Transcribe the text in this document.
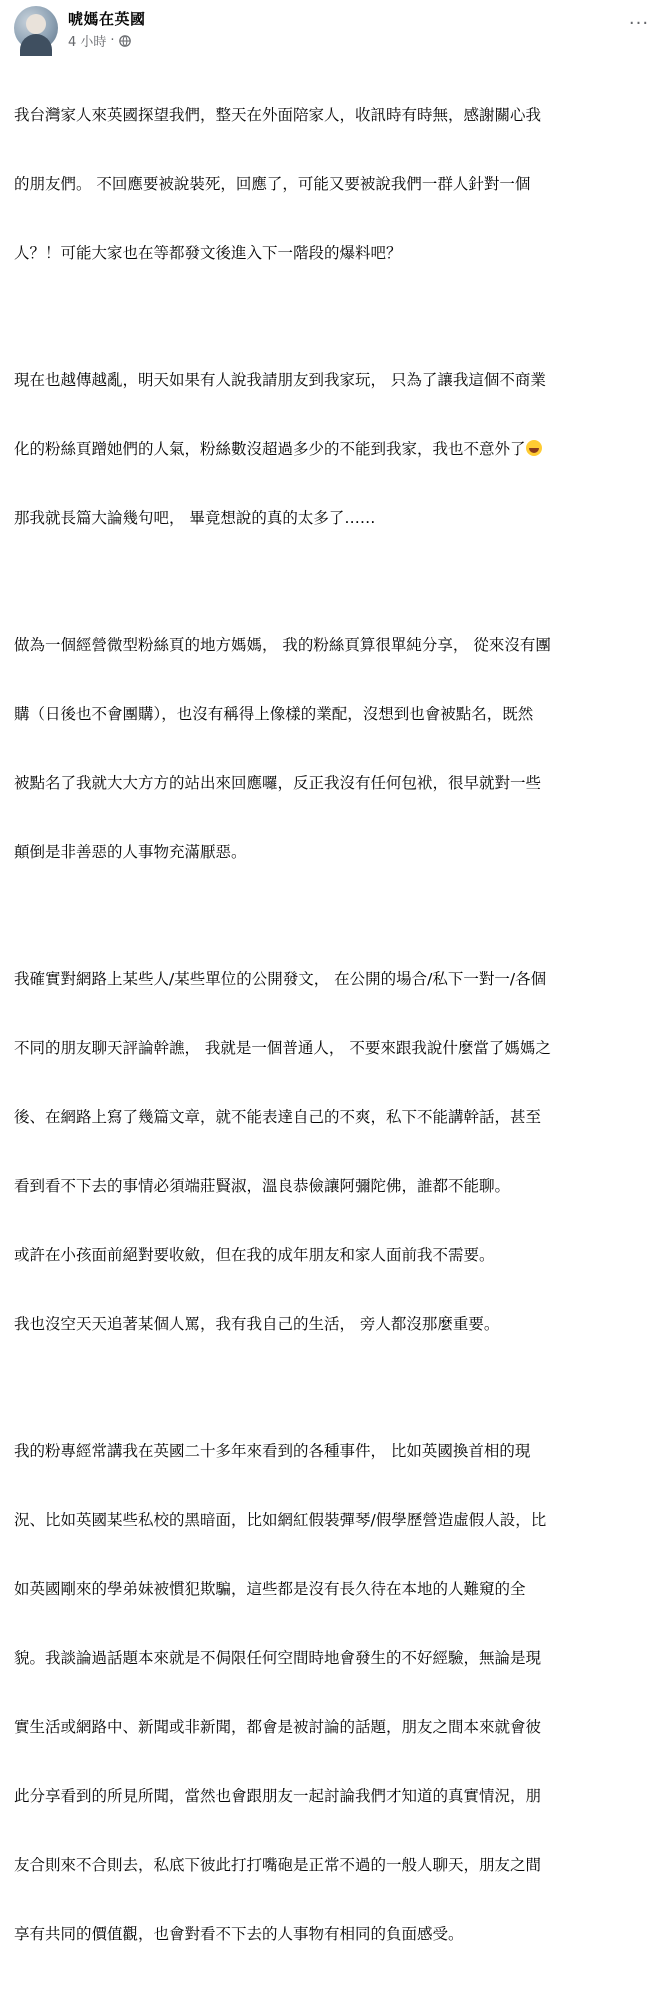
唬媽在英國
4 小時 ·
···

我台灣家人來英國探望我們，整天在外面陪家人，收訊時有時無，感謝關心我

的朋友們。 不回應要被說裝死，回應了，可能又要被說我們一群人針對一個

人？！可能大家也在等都發文後進入下一階段的爆料吧？

現在也越傳越亂，明天如果有人說我請朋友到我家玩， 只為了讓我這個不商業

化的粉絲頁蹭她們的人氣，粉絲數沒超過多少的不能到我家，我也不意外了

那我就長篇大論幾句吧， 畢竟想說的真的太多了……

做為一個經營微型粉絲頁的地方媽媽， 我的粉絲頁算很單純分享， 從來沒有團

購（日後也不會團購），也沒有稱得上像樣的業配，沒想到也會被點名，既然

被點名了我就大大方方的站出來回應囉，反正我沒有任何包袱，很早就對一些

顛倒是非善惡的人事物充滿厭惡。

我確實對網路上某些人/某些單位的公開發文， 在公開的場合/私下一對一/各個

不同的朋友聊天評論幹譙， 我就是一個普通人， 不要來跟我說什麼當了媽媽之

後、在網路上寫了幾篇文章，就不能表達自己的不爽，私下不能講幹話，甚至

看到看不下去的事情必須端莊賢淑，溫良恭儉讓阿彌陀佛，誰都不能聊。

或許在小孩面前絕對要收斂，但在我的成年朋友和家人面前我不需要。

我也沒空天天追著某個人罵，我有我自己的生活， 旁人都沒那麼重要。

我的粉專經常講我在英國二十多年來看到的各種事件， 比如英國換首相的現

況、比如英國某些私校的黑暗面，比如網紅假裝彈琴/假學歷營造虛假人設，比

如英國剛來的學弟妹被慣犯欺騙，這些都是沒有長久待在本地的人難窺的全

貌。我談論過話題本來就是不侷限任何空間時地會發生的不好經驗，無論是現

實生活或網路中、新聞或非新聞，都會是被討論的話題，朋友之間本來就會彼

此分享看到的所見所聞，當然也會跟朋友一起討論我們才知道的真實情況，朋

友合則來不合則去，私底下彼此打打嘴砲是正常不過的一般人聊天，朋友之間

享有共同的價值觀，也會對看不下去的人事物有相同的負面感受。
